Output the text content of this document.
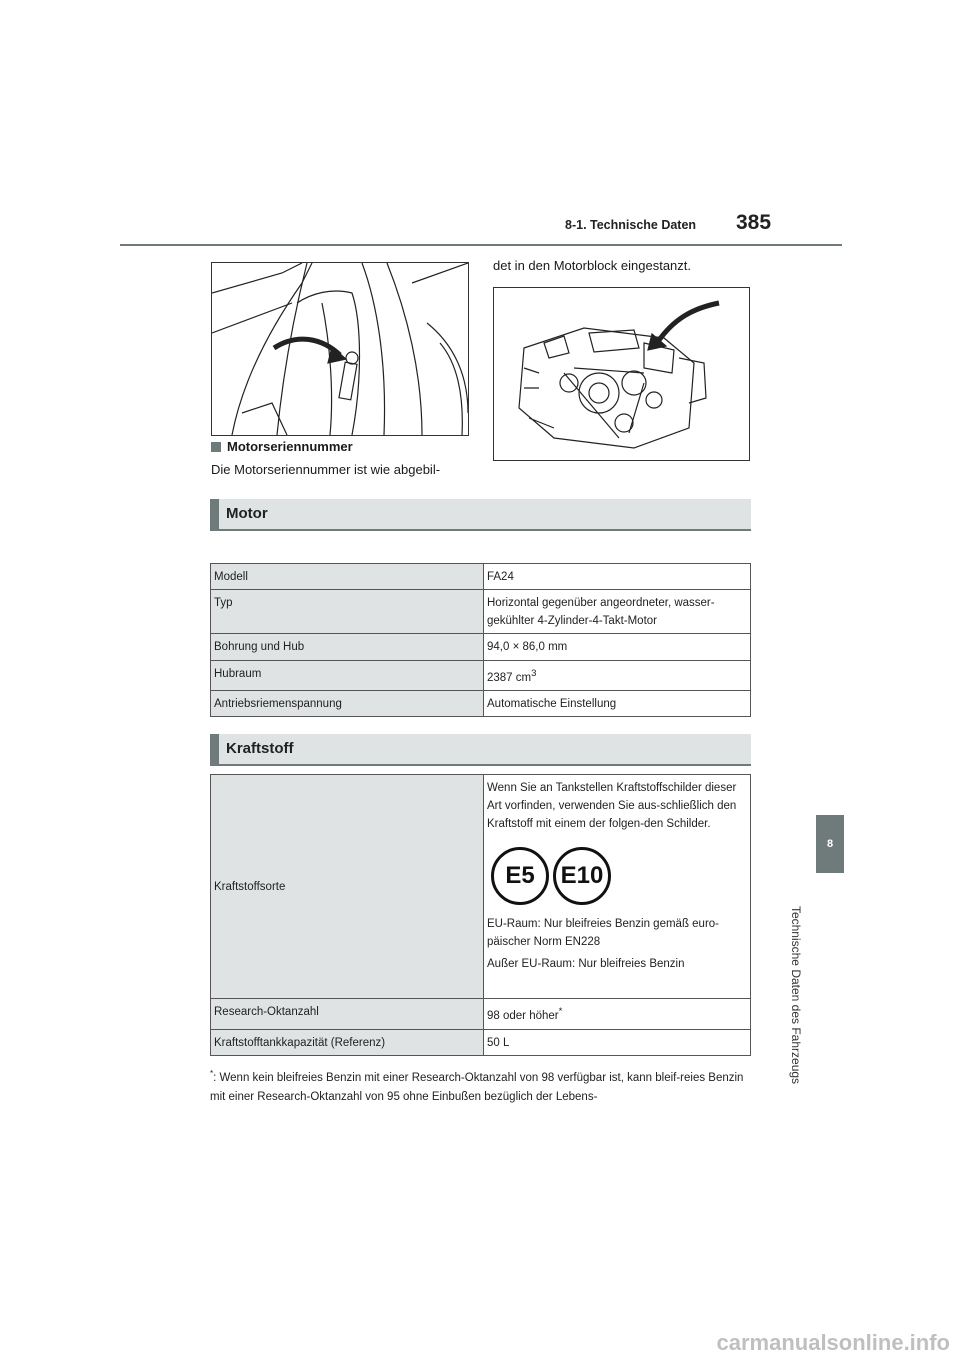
8-1. Technische Daten 385
8
Technische Daten des Fahrzeugs
det in den Motorblock eingestanzt.
Motorseriennummer
Die Motorseriennummer ist wie abgebil-
Motor
Modell	FA24
Typ	Horizontal gegenüber angeordneter, wasser-gekühlter 4-Zylinder-4-Takt-Motor
Bohrung und Hub	94,0 × 86,0 mm
Hubraum	2387 $cm^3$
Antriebsriemenspannung	Automatische Einstellung
Kraftstoff
Kraftstoffsorte	Wenn Sie an Tankstellen Kraftstoffschilder dieser Art vorfinden, verwenden Sie aus-schließlich den Kraftstoff mit einem der folgen-den Schilder.
E5 E10
EU-Raum: Nur bleifreies Benzin gemäß euro-päischer Norm EN228
Außer EU-Raum: Nur bleifreies Benzin

Research-Oktanzahl	98 oder höher*
Kraftstofftankkapazität (Referenz)	50 L
*: Wenn kein bleifreies Benzin mit einer Research-Oktanzahl von 98 verfügbar ist, kann bleif-reies Benzin mit einer Research-Oktanzahl von 95 ohne Einbußen bezüglich der Lebens-
carmanualsonline.info
